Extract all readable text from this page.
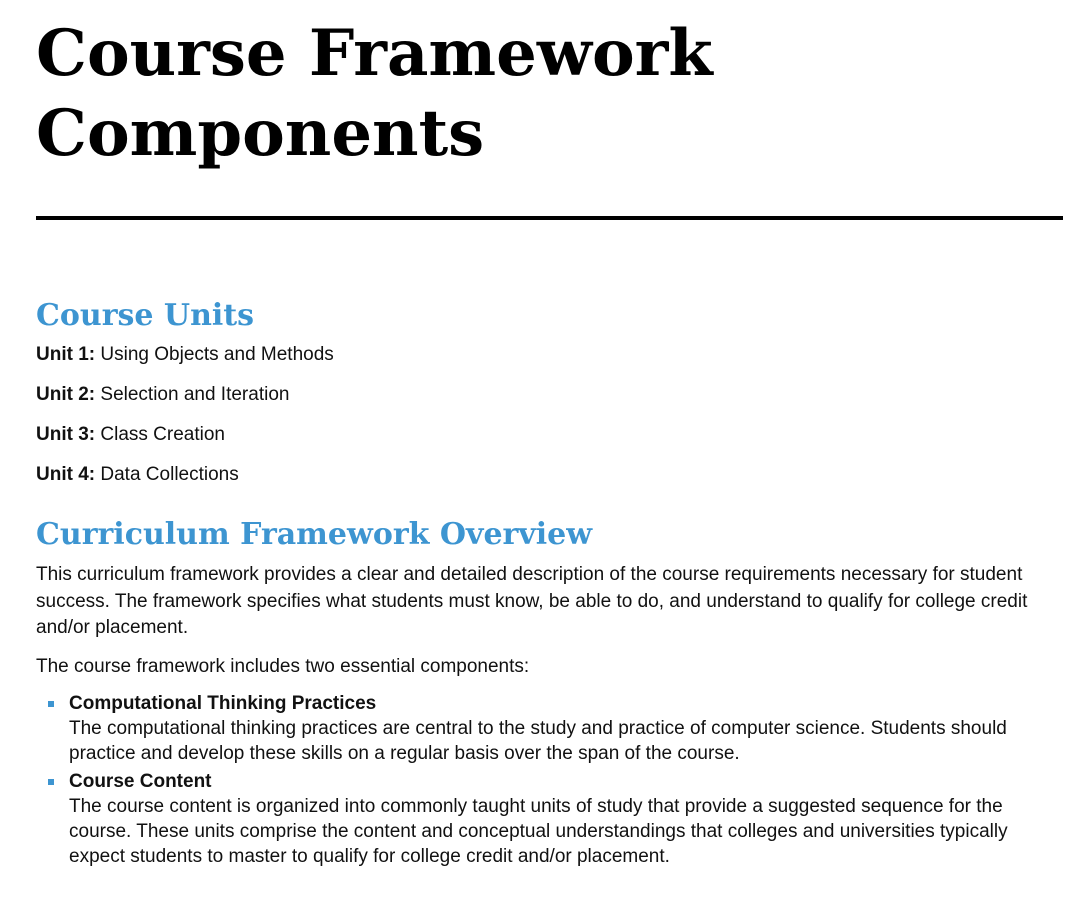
Course Framework
Components
Course Units
Unit 1: Using Objects and Methods
Unit 2: Selection and Iteration
Unit 3: Class Creation
Unit 4: Data Collections
Curriculum Framework Overview

This curriculum framework provides a clear and detailed description of the course requirements necessary for student success. The framework specifies what students must know, be able to do, and understand to qualify for college credit and/or placement.

The course framework includes two essential components:

Computational Thinking Practices
The computational thinking practices are central to the study and practice of computer science. Students should practice and develop these skills on a regular basis over the span of the course.
Course Content
The course content is organized into commonly taught units of study that provide a suggested sequence for the course. These units comprise the content and conceptual understandings that colleges and universities typically expect students to master to qualify for college credit and/or placement.
